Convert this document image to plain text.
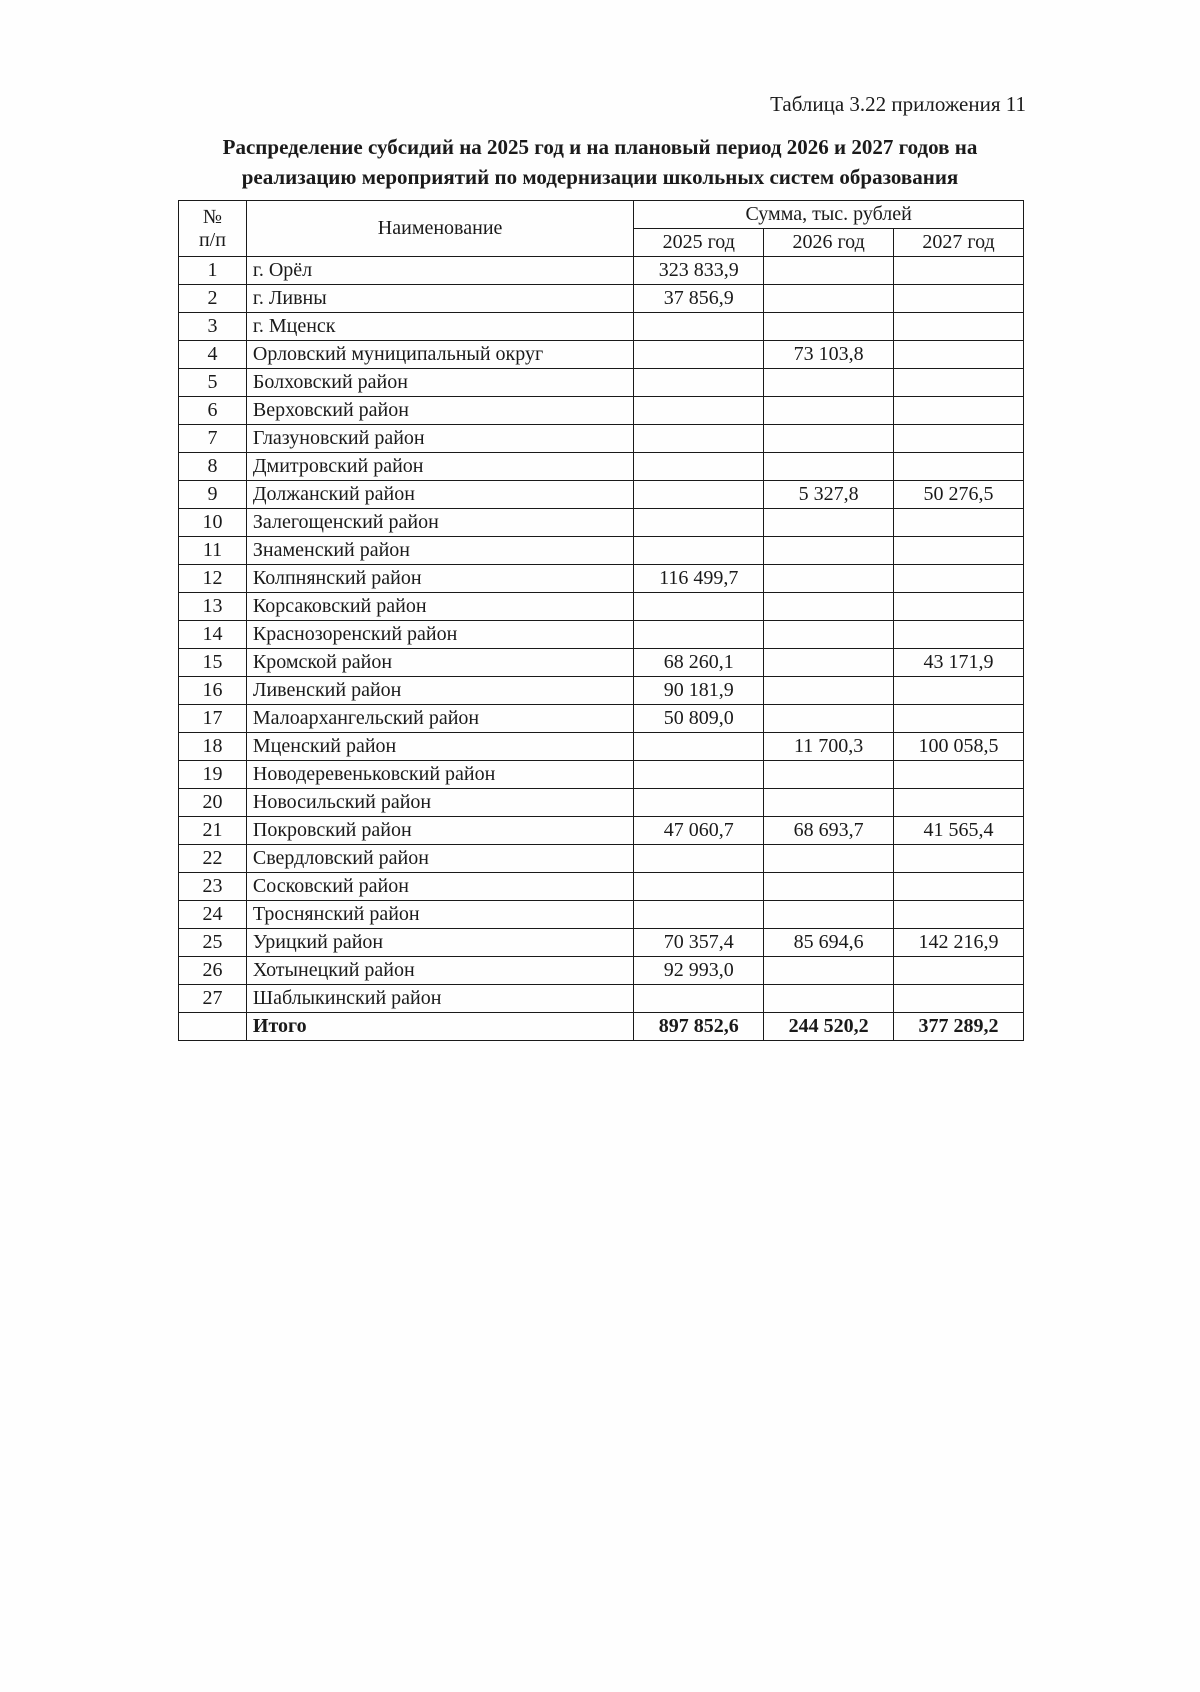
Таблица 3.22 приложения 11
Распределение субсидий на 2025 год и на плановый период 2026 и 2027 годов на
реализацию мероприятий по модернизации школьных систем образования
№
п/п	Наименование	Сумма, тыс. рублей		
		2025 год	2026 год	2027 год
1	г. Орёл	323 833,9		
2	г. Ливны	37 856,9		
3	г. Мценск			
4	Орловский муниципальный округ		73 103,8	
5	Болховский район			
6	Верховский район			
7	Глазуновский район			
8	Дмитровский район			
9	Должанский район		5 327,8	50 276,5
10	Залегощенский район			
11	Знаменский район			
12	Колпнянский район	116 499,7		
13	Корсаковский район			
14	Краснозоренский район			
15	Кромской район	68 260,1		43 171,9
16	Ливенский район	90 181,9		
17	Малоархангельский район	50 809,0		
18	Мценский район		11 700,3	100 058,5
19	Новодеревеньковский район			
20	Новосильский район			
21	Покровский район	47 060,7	68 693,7	41 565,4
22	Свердловский район			
23	Сосковский район			
24	Троснянский район			
25	Урицкий район	70 357,4	85 694,6	142 216,9
26	Хотынецкий район	92 993,0		
27	Шаблыкинский район			
	Итого	897 852,6	244 520,2	377 289,2
